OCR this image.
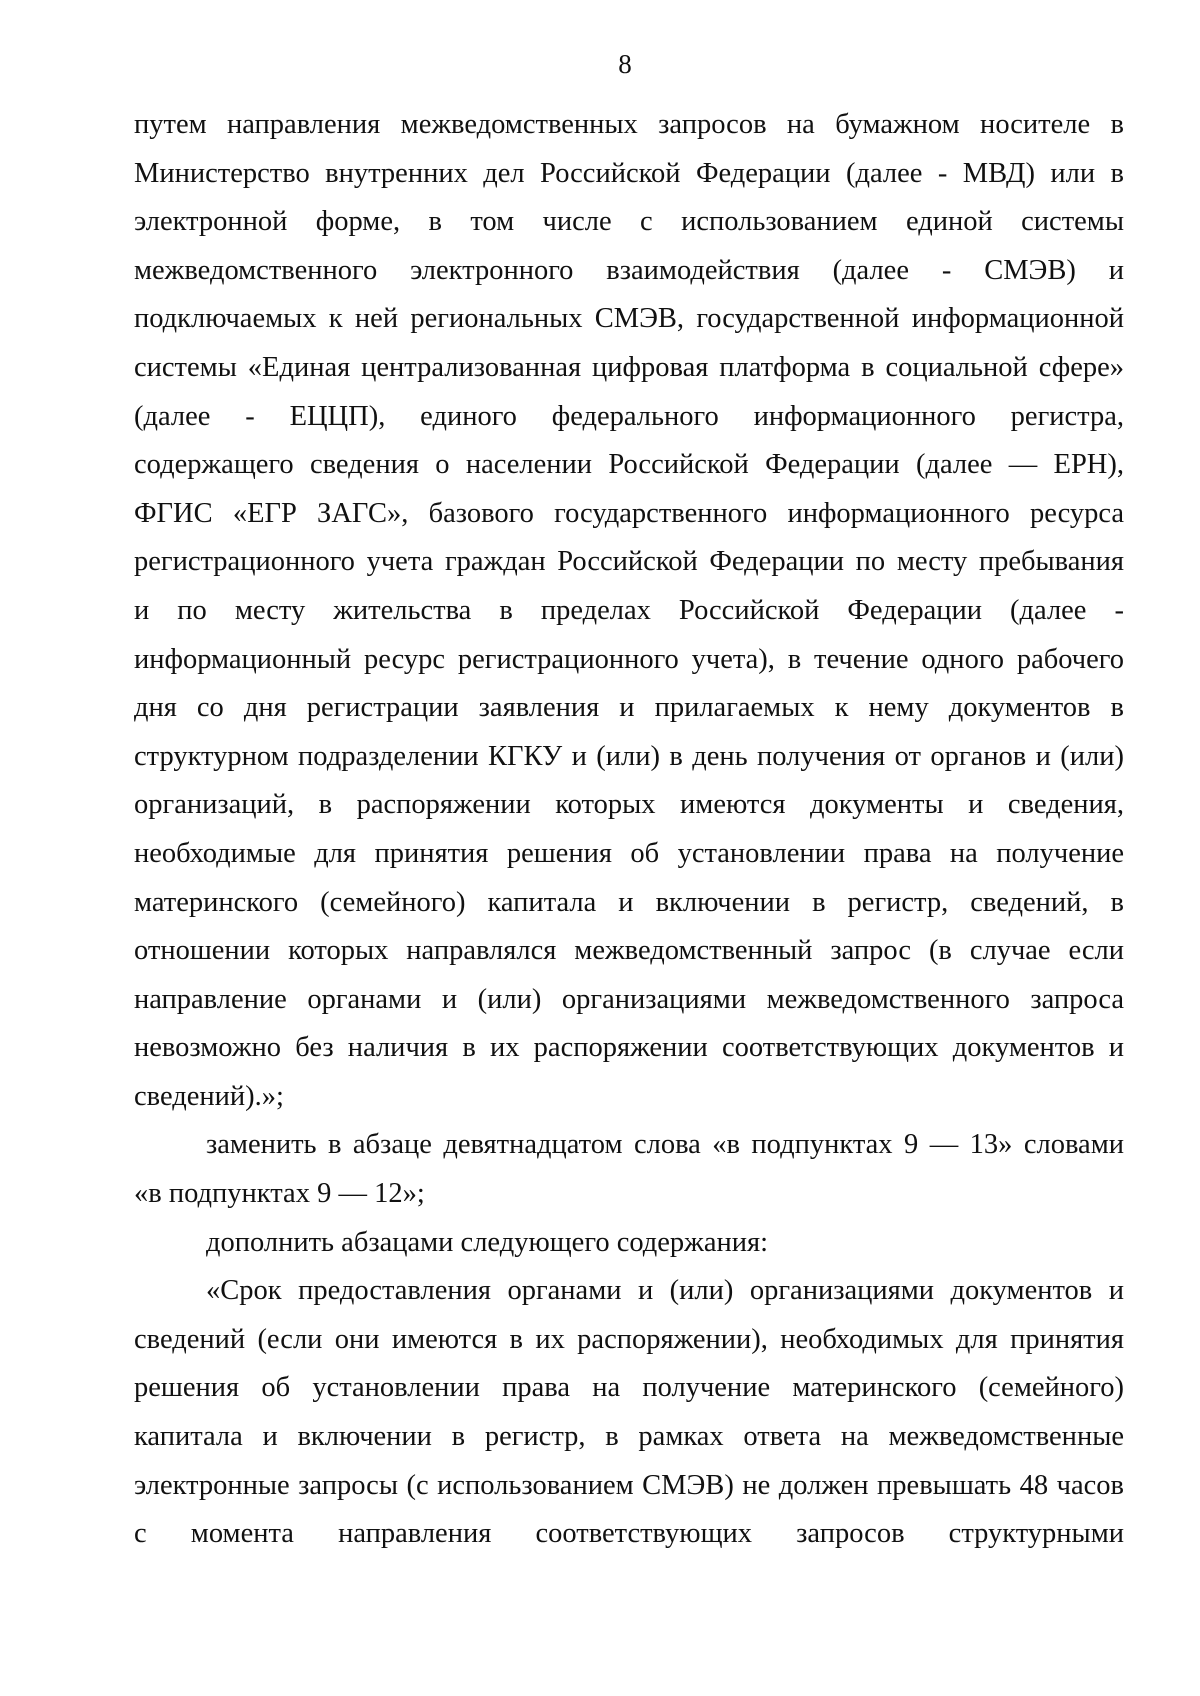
8
путем направления межведомственных запросов на бумажном носителе в
Министерство внутренних дел Российской Федерации (далее - МВД) или в
электронной форме, в том числе с использованием единой системы
межведомственного электронного взаимодействия (далее - СМЭВ) и
подключаемых к ней региональных СМЭВ, государственной информационной
системы «Единая централизованная цифровая платформа в социальной сфере»
(далее - ЕЦЦП), единого федерального информационного регистра,
содержащего сведения о населении Российской Федерации (далее — ЕРН),
ФГИС «ЕГР ЗАГС», базового государственного информационного ресурса
регистрационного учета граждан Российской Федерации по месту пребывания
и по месту жительства в пределах Российской Федерации (далее -
информационный ресурс регистрационного учета), в течение одного рабочего
дня со дня регистрации заявления и прилагаемых к нему документов в
структурном подразделении КГКУ и (или) в день получения от органов и (или)
организаций, в распоряжении которых имеются документы и сведения,
необходимые для принятия решения об установлении права на получение
материнского (семейного) капитала и включении в регистр, сведений, в
отношении которых направлялся межведомственный запрос (в случае если
направление органами и (или) организациями межведомственного запроса
невозможно без наличия в их распоряжении соответствующих документов и
сведений).»;
заменить в абзаце девятнадцатом слова «в подпунктах 9 — 13» словами
«в подпунктах 9 — 12»;
дополнить абзацами следующего содержания:
«Срок предоставления органами и (или) организациями документов и
сведений (если они имеются в их распоряжении), необходимых для принятия
решения об установлении права на получение материнского (семейного)
капитала и включении в регистр, в рамках ответа на межведомственные
электронные запросы (с использованием СМЭВ) не должен превышать 48 часов
с момента направления соответствующих запросов структурными
